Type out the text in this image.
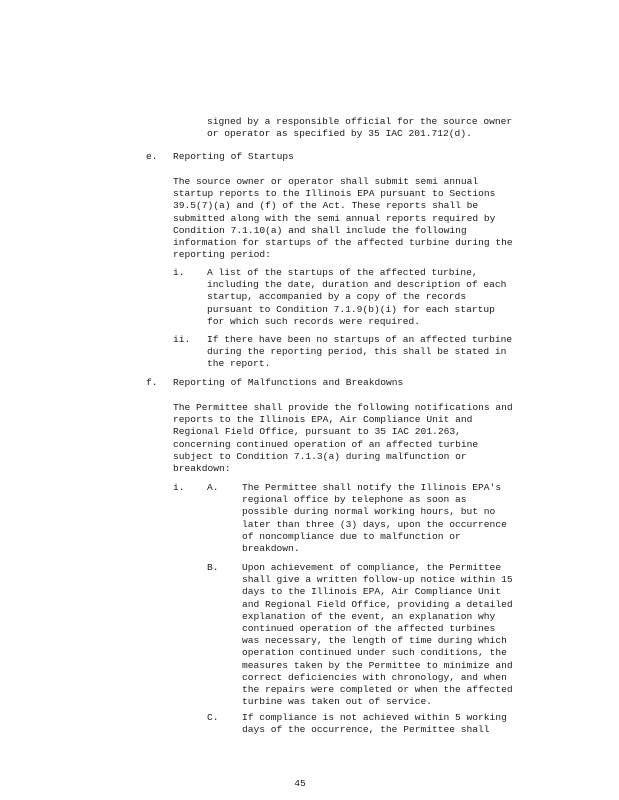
signed by a responsible official for the source owner
or operator as specified by 35 IAC 201.712(d).
e. Reporting of Startups
The source owner or operator shall submit semi annual
startup reports to the Illinois EPA pursuant to Sections
39.5(7)(a) and (f) of the Act. These reports shall be
submitted along with the semi annual reports required by
Condition 7.1.10(a) and shall include the following
information for startups of the affected turbine during the
reporting period:
i. A list of the startups of the affected turbine,
including the date, duration and description of each
startup, accompanied by a copy of the records
pursuant to Condition 7.1.9(b)(i) for each startup
for which such records were required.
ii. If there have been no startups of an affected turbine
during the reporting period, this shall be stated in
the report.
f. Reporting of Malfunctions and Breakdowns
The Permittee shall provide the following notifications and
reports to the Illinois EPA, Air Compliance Unit and
Regional Field Office, pursuant to 35 IAC 201.263,
concerning continued operation of an affected turbine
subject to Condition 7.1.3(a) during malfunction or
breakdown:
i. A. The Permittee shall notify the Illinois EPA's
regional office by telephone as soon as
possible during normal working hours, but no
later than three (3) days, upon the occurrence
of noncompliance due to malfunction or
breakdown.
B. Upon achievement of compliance, the Permittee
shall give a written follow-up notice within 15
days to the Illinois EPA, Air Compliance Unit
and Regional Field Office, providing a detailed
explanation of the event, an explanation why
continued operation of the affected turbines
was necessary, the length of time during which
operation continued under such conditions, the
measures taken by the Permittee to minimize and
correct deficiencies with chronology, and when
the repairs were completed or when the affected
turbine was taken out of service.
C. If compliance is not achieved within 5 working
days of the occurrence, the Permittee shall
45
